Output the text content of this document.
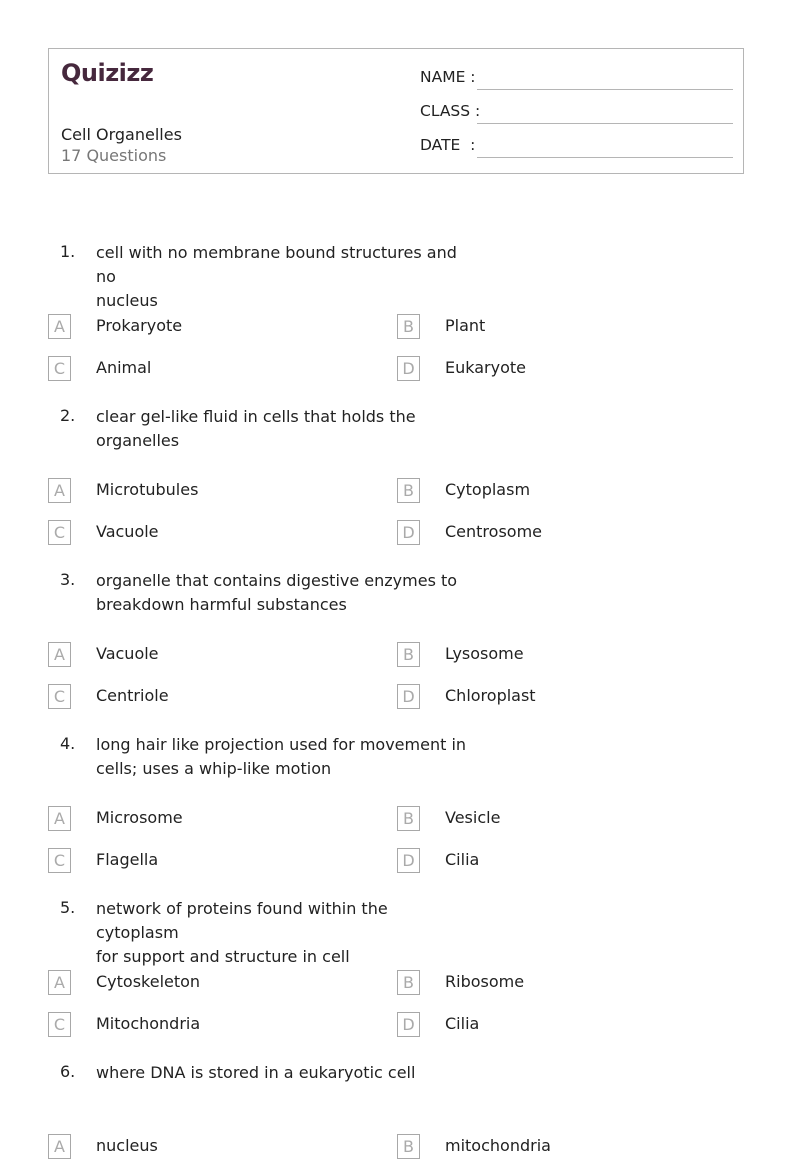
Quizizz
Cell Organelles
17 Questions
NAME :
CLASS :
DATE  :
1. cell with no membrane bound structures and no
nucleus
A	Prokaryote	B	Plant
C	Animal	D	Eukaryote
2. clear gel-like fluid in cells that holds the
organelles
A	Microtubules	B	Cytoplasm
C	Vacuole	D	Centrosome
3. organelle that contains digestive enzymes to
breakdown harmful substances
A	Vacuole	B	Lysosome
C	Centriole	D	Chloroplast
4. long hair like projection used for movement in
cells; uses a whip-like motion
A	Microsome	B	Vesicle
C	Flagella	D	Cilia
5. network of proteins found within the cytoplasm
for support and structure in cell
A	Cytoskeleton	B	Ribosome
C	Mitochondria	D	Cilia
6. where DNA is stored in a eukaryotic cell
A	nucleus	B	mitochondria
